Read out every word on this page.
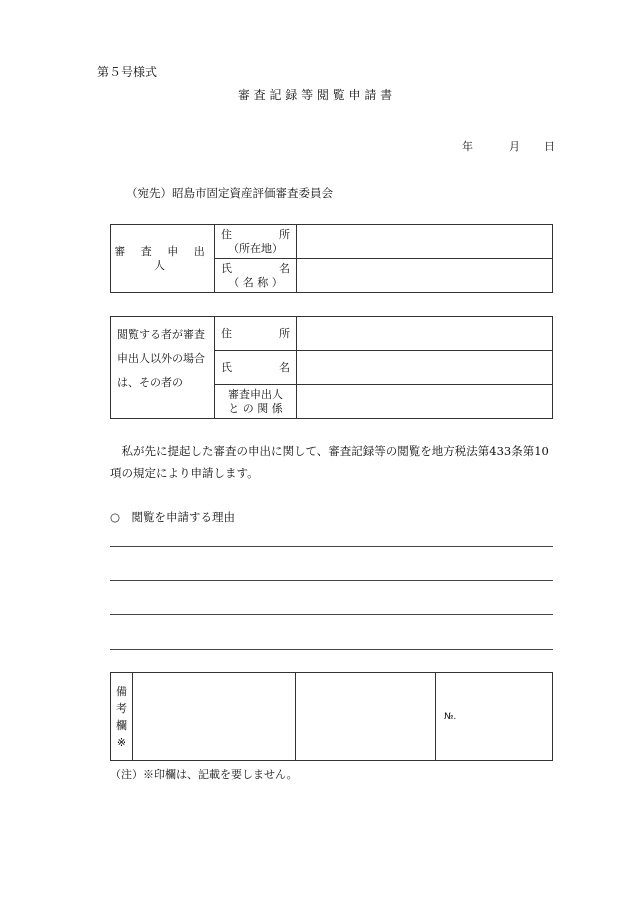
第５号様式
審 査 記 録 等 閲 覧 申 請 書
年	月 日
（宛先）昭島市固定資産評価審査委員会
審 査 申 出 人	住 所
（所在地）	

	氏 名
（ 名 称 ）	

閲覧する者が審査申出人以外の場合は、その者の	住 所	

	氏 名	

	審査申出人
と の 関 係	

私が先に提起した審査の申出に関して、審査記録等の閲覧を地方税法第433条第10項の規定により申請します。
○　閲覧を申請する理由
備
考
欄
※
			№.
（注）※印欄は、記載を要しません。
